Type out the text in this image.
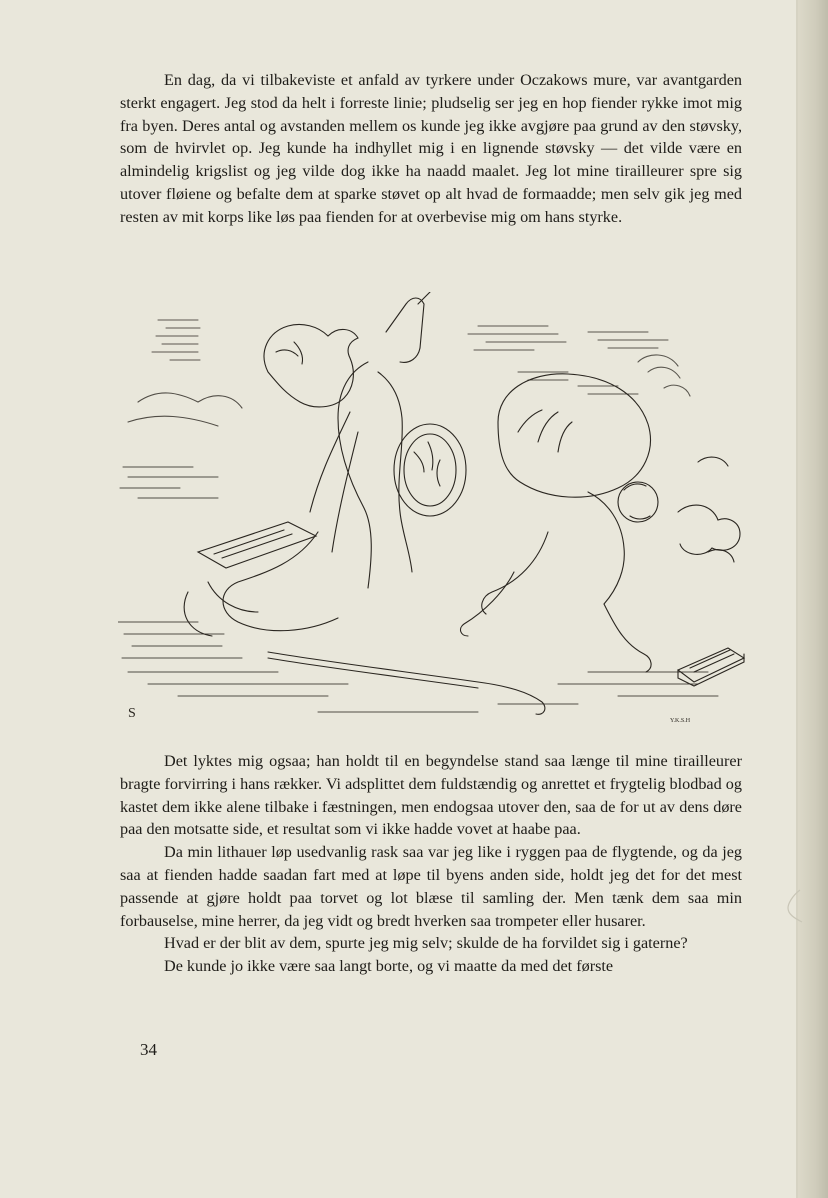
En dag, da vi tilbakeviste et anfald av tyrkere under Oczakows mure, var avantgarden sterkt engagert. Jeg stod da helt i forreste linie; pludselig ser jeg en hop fiender rykke imot mig fra byen. Deres antal og avstanden mellem os kunde jeg ikke avgjøre paa grund av den støvsky, som de hvirvlet op. Jeg kunde ha indhyllet mig i en lignende støvsky — det vilde være en almindelig krigslist og jeg vilde dog ikke ha naadd maalet. Jeg lot mine tirailleurer spre sig utover fløiene og befalte dem at sparke støvet op alt hvad de formaadde; men selv gik jeg med resten av mit korps like løs paa fienden for at overbevise mig om hans styrke.

S	Y.K.S.H

Det lyktes mig ogsaa; han holdt til en begyndelse stand saa længe til mine tirailleurer bragte forvirring i hans rækker. Vi adsplittet dem fuldstændig og anrettet et frygtelig blodbad og kastet dem ikke alene tilbake i fæstningen, men endogsaa utover den, saa de for ut av dens døre paa den motsatte side, et resultat som vi ikke hadde vovet at haabe paa.

Da min lithauer løp usedvanlig rask saa var jeg like i ryggen paa de flygtende, og da jeg saa at fienden hadde saadan fart med at løpe til byens anden side, holdt jeg det for det mest passende at gjøre holdt paa torvet og lot blæse til samling der. Men tænk dem saa min forbauselse, mine herrer, da jeg vidt og bredt hverken saa trompeter eller husarer.

Hvad er der blit av dem, spurte jeg mig selv; skulde de ha forvildet sig i gaterne?

De kunde jo ikke være saa langt borte, og vi maatte da med det første

34
